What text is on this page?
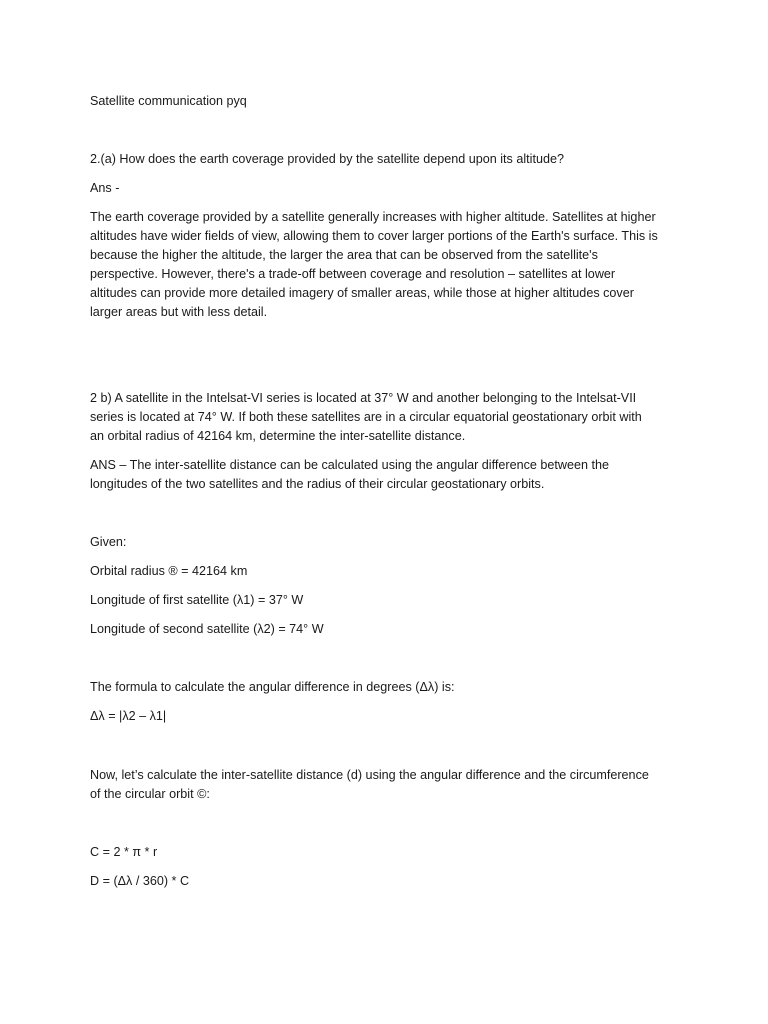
Satellite communication pyq
2.(a) How does the earth coverage provided by the satellite depend upon its altitude?
Ans -
The earth coverage provided by a satellite generally increases with higher altitude. Satellites at higher
altitudes have wider fields of view, allowing them to cover larger portions of the Earth's surface. This is
because the higher the altitude, the larger the area that can be observed from the satellite's
perspective. However, there's a trade-off between coverage and resolution – satellites at lower
altitudes can provide more detailed imagery of smaller areas, while those at higher altitudes cover
larger areas but with less detail.
2 b) A satellite in the Intelsat-VI series is located at 37° W and another belonging to the Intelsat-VII
series is located at 74° W. If both these satellites are in a circular equatorial geostationary orbit with
an orbital radius of 42164 km, determine the inter-satellite distance.
ANS – The inter-satellite distance can be calculated using the angular difference between the
longitudes of the two satellites and the radius of their circular geostationary orbits.
Given:
Orbital radius ® = 42164 km
Longitude of first satellite (λ1) = 37° W
Longitude of second satellite (λ2) = 74° W
The formula to calculate the angular difference in degrees (Δλ) is:
Δλ = |λ2 – λ1|
Now, let’s calculate the inter-satellite distance (d) using the angular difference and the circumference
of the circular orbit ©:
C = 2 * π * r
D = (Δλ / 360) * C
